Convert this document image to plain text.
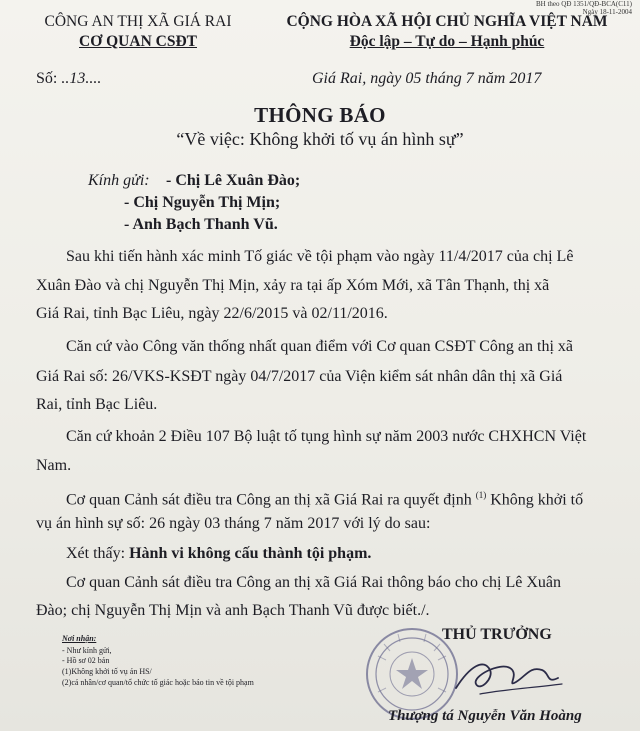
BH theo QĐ 1351/QĐ-BCA(C11)
Ngày 18-11-2004
CÔNG AN THỊ XÃ GIÁ RAI
CƠ QUAN CSĐT
CỘNG HÒA XÃ HỘI CHỦ NGHĨA VIỆT NAM
Độc lập – Tự do – Hạnh phúc
Số: ..13....	Giá Rai, ngày 05 tháng 7 năm 2017
THÔNG BÁO
“Về việc: Không khởi tố vụ án hình sự”
Kính gửi: - Chị Lê Xuân Đào;
- Chị Nguyễn Thị Mịn;
- Anh Bạch Thanh Vũ.
Sau khi tiến hành xác minh Tố giác về tội phạm vào ngày 11/4/2017 của chị Lê
Xuân Đào và chị Nguyễn Thị Mịn, xảy ra tại ấp Xóm Mới, xã Tân Thạnh, thị xã
Giá Rai, tỉnh Bạc Liêu, ngày 22/6/2015 và 02/11/2016.
Căn cứ vào Công văn thống nhất quan điểm với Cơ quan CSĐT Công an thị xã
Giá Rai số: 26/VKS-KSĐT ngày 04/7/2017 của Viện kiểm sát nhân dân thị xã Giá
Rai, tỉnh Bạc Liêu.
Căn cứ khoản 2 Điều 107 Bộ luật tố tụng hình sự năm 2003 nước CHXHCN Việt
Nam.
Cơ quan Cảnh sát điều tra Công an thị xã Giá Rai ra quyết định $^{(1)}$ Không khởi tố
vụ án hình sự số: 26 ngày 03 tháng 7 năm 2017 với lý do sau:
Xét thấy: Hành vi không cấu thành tội phạm.
Cơ quan Cảnh sát điều tra Công an thị xã Giá Rai thông báo cho chị Lê Xuân
Đào; chị Nguyễn Thị Mịn và anh Bạch Thanh Vũ được biết./.
Nơi nhận:
- Như kính gửi,
- Hồ sơ 02 bản
(1)Không khởi tố vụ án HS/
(2)cá nhân/cơ quan/tổ chức tố giác hoặc báo tin về tội phạm
THỦ TRƯỞNG
Thượng tá Nguyễn Văn Hoàng
